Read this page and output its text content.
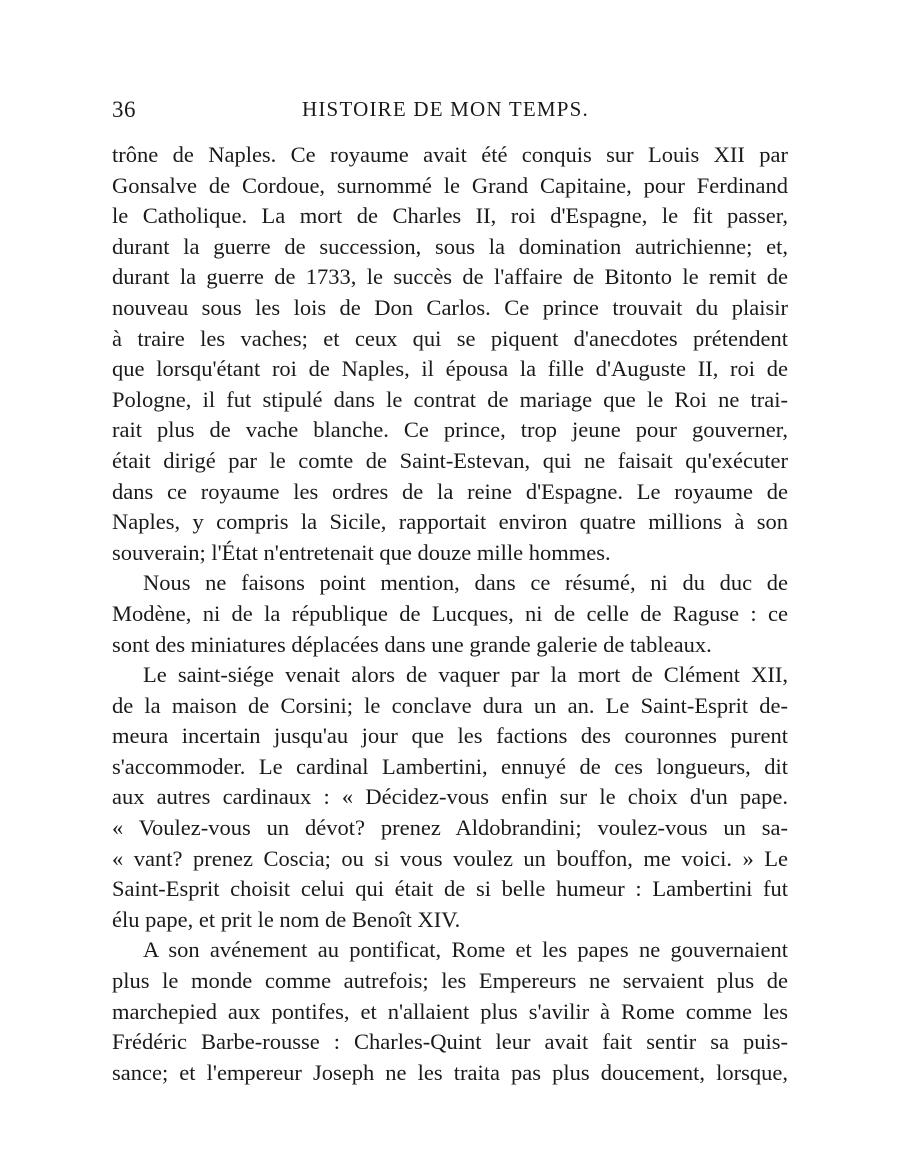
36	HISTOIRE DE MON TEMPS.
trône de Naples. Ce royaume avait été conquis sur Louis XII par
Gonsalve de Cordoue, surnommé le Grand Capitaine, pour Ferdinand
le Catholique. La mort de Charles II, roi d'Espagne, le fit passer,
durant la guerre de succession, sous la domination autrichienne; et,
durant la guerre de 1733, le succès de l'affaire de Bitonto le remit de
nouveau sous les lois de Don Carlos. Ce prince trouvait du plaisir
à traire les vaches; et ceux qui se piquent d'anecdotes prétendent
que lorsqu'étant roi de Naples, il épousa la fille d'Auguste II, roi de
Pologne, il fut stipulé dans le contrat de mariage que le Roi ne trai-
rait plus de vache blanche. Ce prince, trop jeune pour gouverner,
était dirigé par le comte de Saint-Estevan, qui ne faisait qu'exécuter
dans ce royaume les ordres de la reine d'Espagne. Le royaume de
Naples, y compris la Sicile, rapportait environ quatre millions à son
souverain; l'État n'entretenait que douze mille hommes.
Nous ne faisons point mention, dans ce résumé, ni du duc de
Modène, ni de la république de Lucques, ni de celle de Raguse : ce
sont des miniatures déplacées dans une grande galerie de tableaux.
Le saint-siége venait alors de vaquer par la mort de Clément XII,
de la maison de Corsini; le conclave dura un an. Le Saint-Esprit de-
meura incertain jusqu'au jour que les factions des couronnes purent
s'accommoder. Le cardinal Lambertini, ennuyé de ces longueurs, dit
aux autres cardinaux : « Décidez-vous enfin sur le choix d'un pape.
« Voulez-vous un dévot? prenez Aldobrandini; voulez-vous un sa-
« vant? prenez Coscia; ou si vous voulez un bouffon, me voici. » Le
Saint-Esprit choisit celui qui était de si belle humeur : Lambertini fut
élu pape, et prit le nom de Benoît XIV.
A son avénement au pontificat, Rome et les papes ne gouvernaient
plus le monde comme autrefois; les Empereurs ne servaient plus de
marchepied aux pontifes, et n'allaient plus s'avilir à Rome comme les
Frédéric Barbe-rousse : Charles-Quint leur avait fait sentir sa puis-
sance; et l'empereur Joseph ne les traita pas plus doucement, lorsque,
